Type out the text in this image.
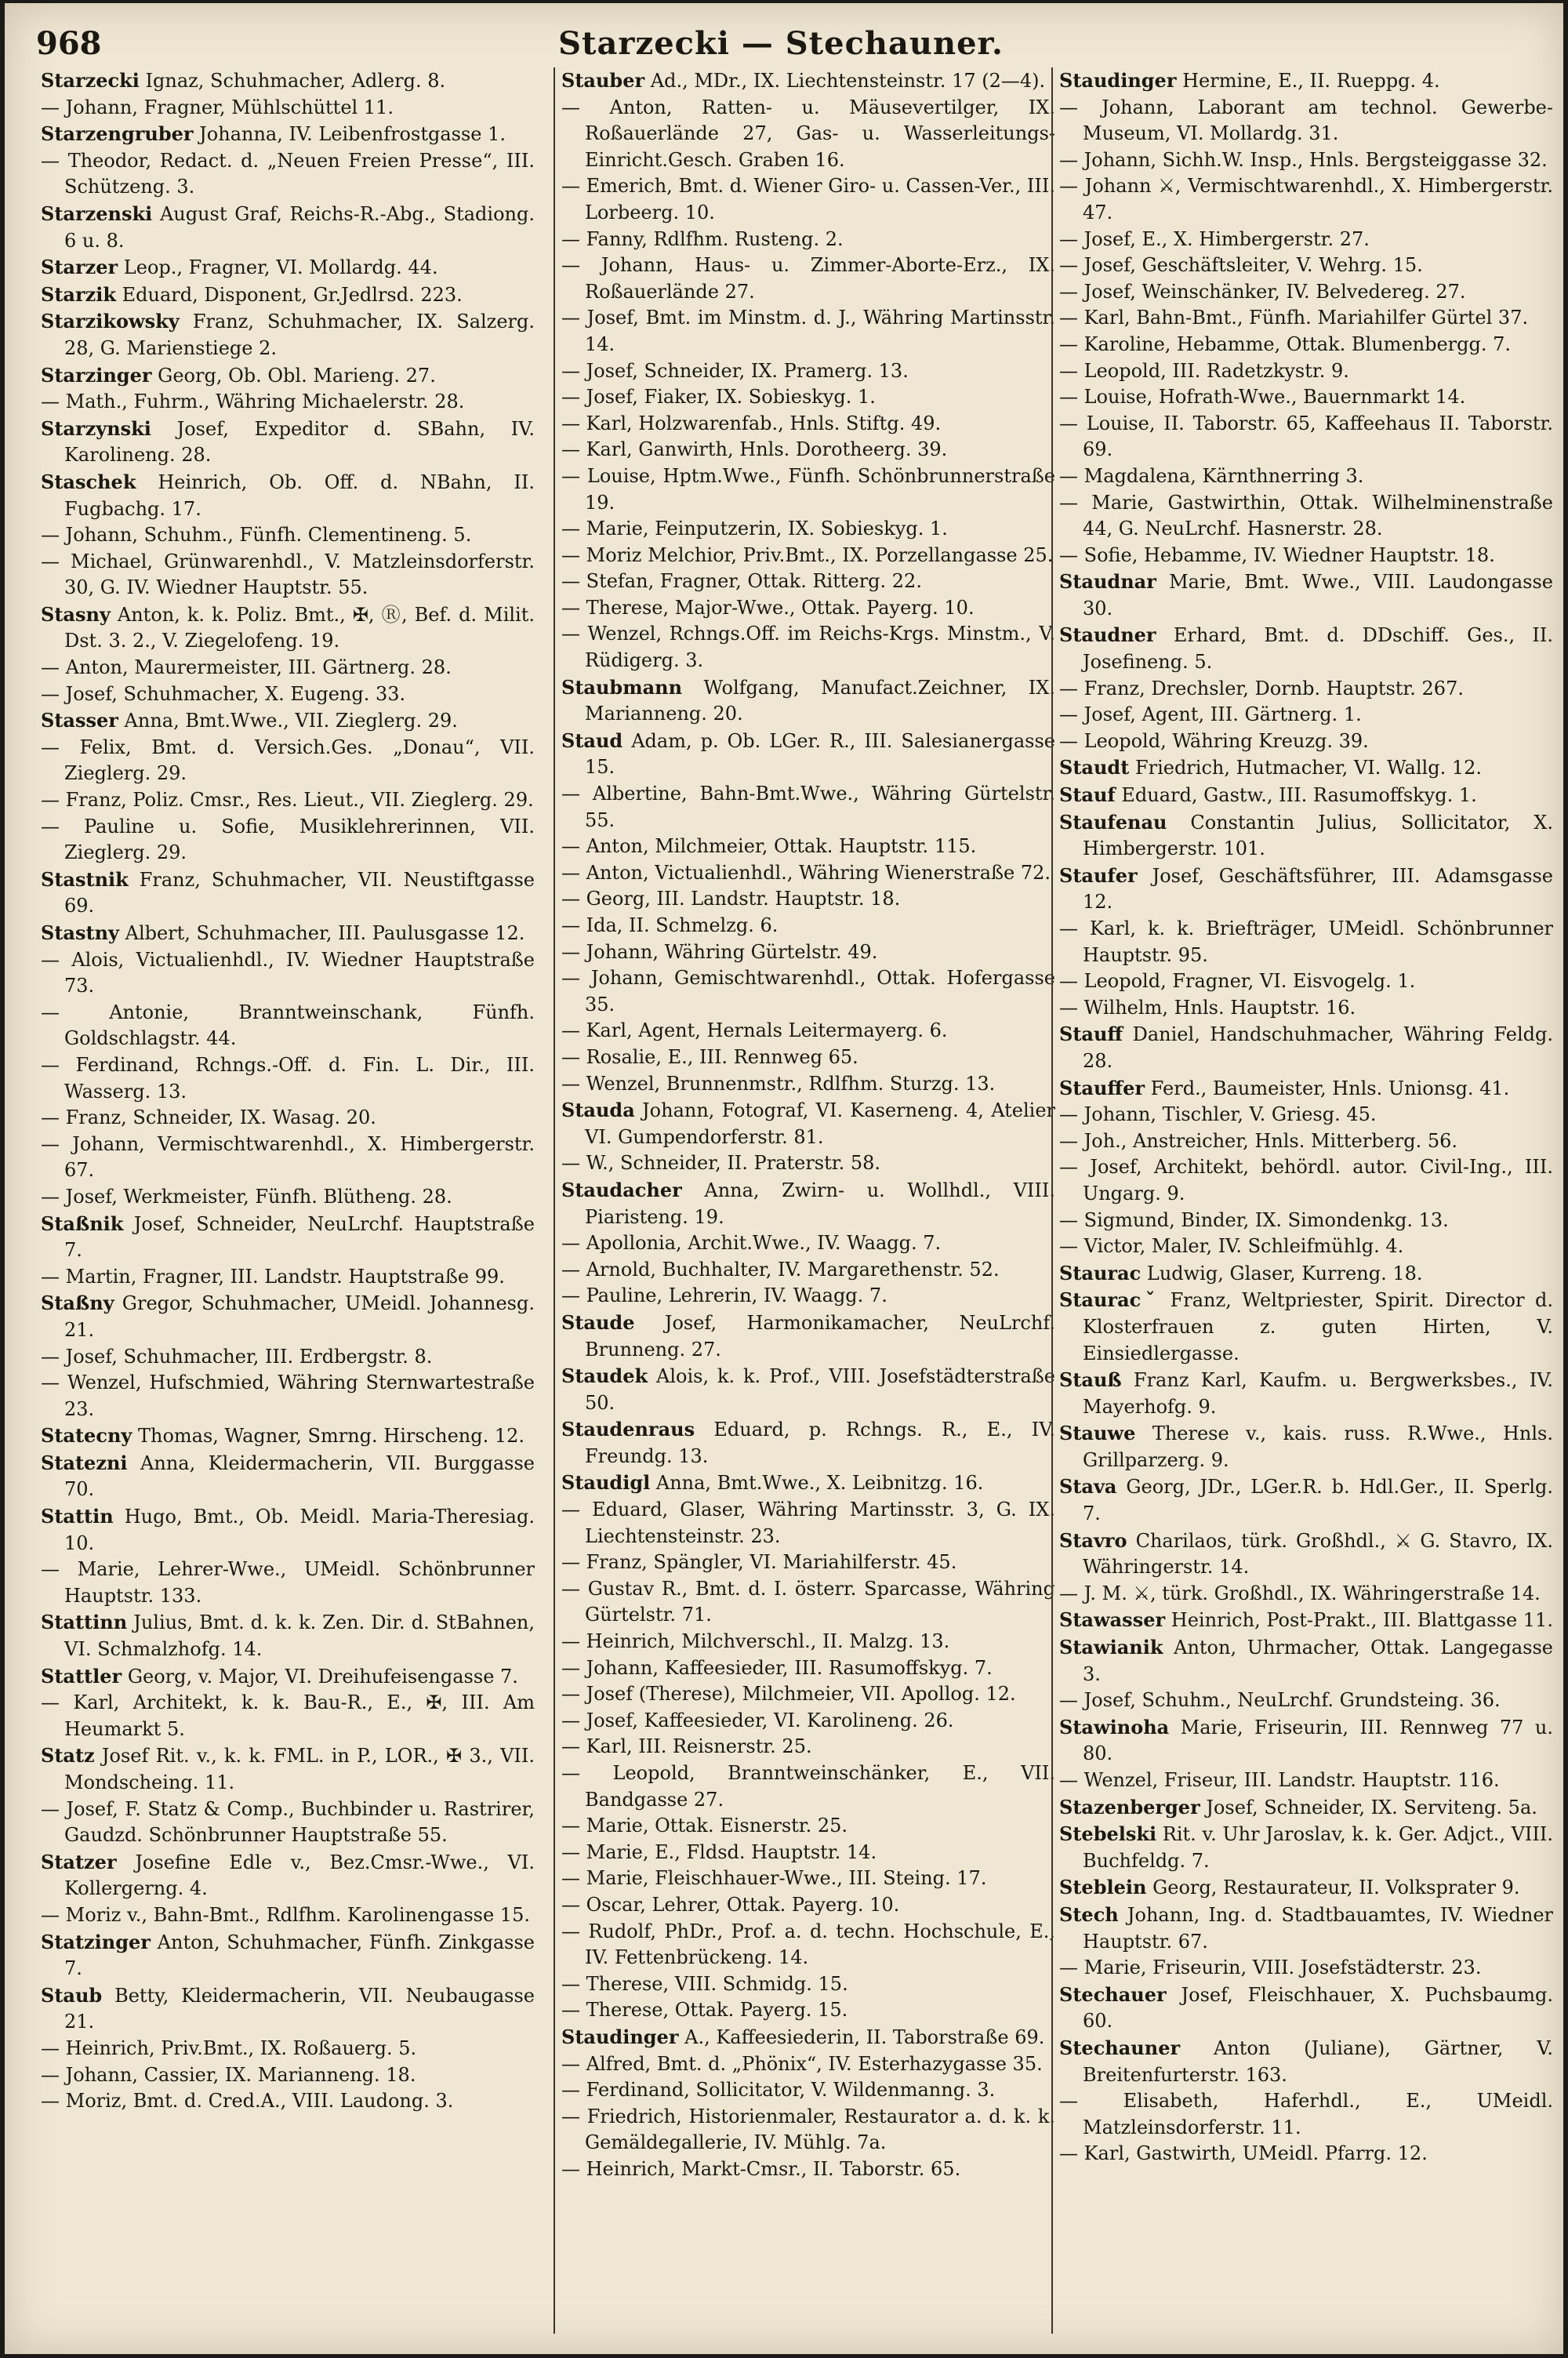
968	Starzecki — Stechauner.
Starzecki Ignaz, Schuhmacher, Adlerg. 8.
— Johann, Fragner, Mühlschüttel 11.
Starzengruber Johanna, IV. Leibenfrostgasse 1.
— Theodor, Redact. d. „Neuen Freien Presse“, III. Schützeng. 3.
Starzenski August Graf, Reichs-R.-Abg., Stadiong. 6 u. 8.
Starzer Leop., Fragner, VI. Mollardg. 44.
Starzik Eduard, Disponent, Gr.Jedlrsd. 223.
Starzikowsky Franz, Schuhmacher, IX. Salzerg. 28, G. Marienstiege 2.
Starzinger Georg, Ob. Obl. Marieng. 27.
— Math., Fuhrm., Währing Michaelerstr. 28.
Starzynski Josef, Expeditor d. SBahn, IV. Karolineng. 28.
Staschek Heinrich, Ob. Off. d. NBahn, II. Fugbachg. 17.
— Johann, Schuhm., Fünfh. Clementineng. 5.
— Michael, Grünwarenhdl., V. Matzleinsdorferstr. 30, G. IV. Wiedner Hauptstr. 55.
Stasny Anton, k. k. Poliz. Bmt., ✠, Ⓡ, Bef. d. Milit. Dst. 3. 2., V. Ziegelofeng. 19.
— Anton, Maurermeister, III. Gärtnerg. 28.
— Josef, Schuhmacher, X. Eugeng. 33.
Stasser Anna, Bmt.Wwe., VII. Zieglerg. 29.
— Felix, Bmt. d. Versich.Ges. „Donau“, VII. Zieglerg. 29.
— Franz, Poliz. Cmsr., Res. Lieut., VII. Zieglerg. 29.
— Pauline u. Sofie, Musiklehrerinnen, VII. Zieglerg. 29.
Stastnik Franz, Schuhmacher, VII. Neustiftgasse 69.
Stastny Albert, Schuhmacher, III. Paulusgasse 12.
— Alois, Victualienhdl., IV. Wiedner Hauptstraße 73.
— Antonie, Branntweinschank, Fünfh. Goldschlagstr. 44.
— Ferdinand, Rchngs.-Off. d. Fin. L. Dir., III. Wasserg. 13.
— Franz, Schneider, IX. Wasag. 20.
— Johann, Vermischtwarenhdl., X. Himbergerstr. 67.
— Josef, Werkmeister, Fünfh. Blütheng. 28.
Staßnik Josef, Schneider, NeuLrchf. Hauptstraße 7.
— Martin, Fragner, III. Landstr. Hauptstraße 99.
Staßny Gregor, Schuhmacher, UMeidl. Johannesg. 21.
— Josef, Schuhmacher, III. Erdbergstr. 8.
— Wenzel, Hufschmied, Währing Sternwartestraße 23.
Statecny Thomas, Wagner, Smrng. Hirscheng. 12.
Statezni Anna, Kleidermacherin, VII. Burggasse 70.
Stattin Hugo, Bmt., Ob. Meidl. Maria-Theresiag. 10.
— Marie, Lehrer-Wwe., UMeidl. Schönbrunner Hauptstr. 133.
Stattinn Julius, Bmt. d. k. k. Zen. Dir. d. StBahnen, VI. Schmalzhofg. 14.
Stattler Georg, v. Major, VI. Dreihufeisengasse 7.
— Karl, Architekt, k. k. Bau-R., E., ✠, III. Am Heumarkt 5.
Statz Josef Rit. v., k. k. FML. in P., LOR., ✠ 3., VII. Mondscheing. 11.
— Josef, F. Statz & Comp., Buchbinder u. Rastrirer, Gaudzd. Schönbrunner Hauptstraße 55.
Statzer Josefine Edle v., Bez.Cmsr.-Wwe., VI. Kollergerng. 4.
— Moriz v., Bahn-Bmt., Rdlfhm. Karolinengasse 15.
Statzinger Anton, Schuhmacher, Fünfh. Zinkgasse 7.
Staub Betty, Kleidermacherin, VII. Neubaugasse 21.
— Heinrich, Priv.Bmt., IX. Roßauerg. 5.
— Johann, Cassier, IX. Marianneng. 18.
— Moriz, Bmt. d. Cred.A., VIII. Laudong. 3.
Stauber Ad., MDr., IX. Liechtensteinstr. 17 (2—4).
— Anton, Ratten- u. Mäusevertilger, IX. Roßauerlände 27, Gas- u. Wasserleitungs-Einricht.Gesch. Graben 16.
— Emerich, Bmt. d. Wiener Giro- u. Cassen-Ver., III. Lorbeerg. 10.
— Fanny, Rdlfhm. Rusteng. 2.
— Johann, Haus- u. Zimmer-Aborte-Erz., IX. Roßauerlände 27.
— Josef, Bmt. im Minstm. d. J., Währing Martinsstr. 14.
— Josef, Schneider, IX. Pramerg. 13.
— Josef, Fiaker, IX. Sobieskyg. 1.
— Karl, Holzwarenfab., Hnls. Stiftg. 49.
— Karl, Ganwirth, Hnls. Dorotheerg. 39.
— Louise, Hptm.Wwe., Fünfh. Schönbrunnerstraße 19.
— Marie, Feinputzerin, IX. Sobieskyg. 1.
— Moriz Melchior, Priv.Bmt., IX. Porzellangasse 25.
— Stefan, Fragner, Ottak. Ritterg. 22.
— Therese, Major-Wwe., Ottak. Payerg. 10.
— Wenzel, Rchngs.Off. im Reichs-Krgs. Minstm., V. Rüdigerg. 3.
Staubmann Wolfgang, Manufact.Zeichner, IX. Marianneng. 20.
Staud Adam, p. Ob. LGer. R., III. Salesianergasse 15.
— Albertine, Bahn-Bmt.Wwe., Währing Gürtelstr. 55.
— Anton, Milchmeier, Ottak. Hauptstr. 115.
— Anton, Victualienhdl., Währing Wienerstraße 72.
— Georg, III. Landstr. Hauptstr. 18.
— Ida, II. Schmelzg. 6.
— Johann, Währing Gürtelstr. 49.
— Johann, Gemischtwarenhdl., Ottak. Hofergasse 35.
— Karl, Agent, Hernals Leitermayerg. 6.
— Rosalie, E., III. Rennweg 65.
— Wenzel, Brunnenmstr., Rdlfhm. Sturzg. 13.
Stauda Johann, Fotograf, VI. Kaserneng. 4, Atelier VI. Gumpendorferstr. 81.
— W., Schneider, II. Praterstr. 58.
Staudacher Anna, Zwirn- u. Wollhdl., VIII. Piaristeng. 19.
— Apollonia, Archit.Wwe., IV. Waagg. 7.
— Arnold, Buchhalter, IV. Margarethenstr. 52.
— Pauline, Lehrerin, IV. Waagg. 7.
Staude Josef, Harmonikamacher, NeuLrchf. Brunneng. 27.
Staudek Alois, k. k. Prof., VIII. Josefstädterstraße 50.
Staudenraus Eduard, p. Rchngs. R., E., IV. Freundg. 13.
Staudigl Anna, Bmt.Wwe., X. Leibnitzg. 16.
— Eduard, Glaser, Währing Martinsstr. 3, G. IX. Liechtensteinstr. 23.
— Franz, Spängler, VI. Mariahilferstr. 45.
— Gustav R., Bmt. d. I. österr. Sparcasse, Währing Gürtelstr. 71.
— Heinrich, Milchverschl., II. Malzg. 13.
— Johann, Kaffeesieder, III. Rasumoffskyg. 7.
— Josef (Therese), Milchmeier, VII. Apollog. 12.
— Josef, Kaffeesieder, VI. Karolineng. 26.
— Karl, III. Reisnerstr. 25.
— Leopold, Branntweinschänker, E., VII. Bandgasse 27.
— Marie, Ottak. Eisnerstr. 25.
— Marie, E., Fldsd. Hauptstr. 14.
— Marie, Fleischhauer-Wwe., III. Steing. 17.
— Oscar, Lehrer, Ottak. Payerg. 10.
— Rudolf, PhDr., Prof. a. d. techn. Hochschule, E., IV. Fettenbrückeng. 14.
— Therese, VIII. Schmidg. 15.
— Therese, Ottak. Payerg. 15.
Staudinger A., Kaffeesiederin, II. Taborstraße 69.
— Alfred, Bmt. d. „Phönix“, IV. Esterhazygasse 35.
— Ferdinand, Sollicitator, V. Wildenmanng. 3.
— Friedrich, Historienmaler, Restaurator a. d. k. k. Gemäldegallerie, IV. Mühlg. 7a.
— Heinrich, Markt-Cmsr., II. Taborstr. 65.
Staudinger Hermine, E., II. Rueppg. 4.
— Johann, Laborant am technol. Gewerbe-Museum, VI. Mollardg. 31.
— Johann, Sichh.W. Insp., Hnls. Bergsteiggasse 32.
— Johann ⚔, Vermischtwarenhdl., X. Himbergerstr. 47.
— Josef, E., X. Himbergerstr. 27.
— Josef, Geschäftsleiter, V. Wehrg. 15.
— Josef, Weinschänker, IV. Belvedereg. 27.
— Karl, Bahn-Bmt., Fünfh. Mariahilfer Gürtel 37.
— Karoline, Hebamme, Ottak. Blumenbergg. 7.
— Leopold, III. Radetzkystr. 9.
— Louise, Hofrath-Wwe., Bauernmarkt 14.
— Louise, II. Taborstr. 65, Kaffeehaus II. Taborstr. 69.
— Magdalena, Kärnthnerring 3.
— Marie, Gastwirthin, Ottak. Wilhelminenstraße 44, G. NeuLrchf. Hasnerstr. 28.
— Sofie, Hebamme, IV. Wiedner Hauptstr. 18.
Staudnar Marie, Bmt. Wwe., VIII. Laudongasse 30.
Staudner Erhard, Bmt. d. DDschiff. Ges., II. Josefineng. 5.
— Franz, Drechsler, Dornb. Hauptstr. 267.
— Josef, Agent, III. Gärtnerg. 1.
— Leopold, Währing Kreuzg. 39.
Staudt Friedrich, Hutmacher, VI. Wallg. 12.
Stauf Eduard, Gastw., III. Rasumoffskyg. 1.
Staufenau Constantin Julius, Sollicitator, X. Himbergerstr. 101.
Staufer Josef, Geschäftsführer, III. Adamsgasse 12.
— Karl, k. k. Briefträger, UMeidl. Schönbrunner Hauptstr. 95.
— Leopold, Fragner, VI. Eisvogelg. 1.
— Wilhelm, Hnls. Hauptstr. 16.
Stauff Daniel, Handschuhmacher, Währing Feldg. 28.
Stauffer Ferd., Baumeister, Hnls. Unionsg. 41.
— Johann, Tischler, V. Griesg. 45.
— Joh., Anstreicher, Hnls. Mitterberg. 56.
— Josef, Architekt, behördl. autor. Civil-Ing., III. Ungarg. 9.
— Sigmund, Binder, IX. Simondenkg. 13.
— Victor, Maler, IV. Schleifmühlg. 4.
Staurac Ludwig, Glaser, Kurreng. 18.
Stauracˇ Franz, Weltpriester, Spirit. Director d. Klosterfrauen z. guten Hirten, V. Einsiedlergasse.
Stauß Franz Karl, Kaufm. u. Bergwerksbes., IV. Mayerhofg. 9.
Stauwe Therese v., kais. russ. R.Wwe., Hnls. Grillparzerg. 9.
Stava Georg, JDr., LGer.R. b. Hdl.Ger., II. Sperlg. 7.
Stavro Charilaos, türk. Großhdl., ⚔ G. Stavro, IX. Währingerstr. 14.
— J. M. ⚔, türk. Großhdl., IX. Währingerstraße 14.
Stawasser Heinrich, Post-Prakt., III. Blattgasse 11.
Stawianik Anton, Uhrmacher, Ottak. Langegasse 3.
— Josef, Schuhm., NeuLrchf. Grundsteing. 36.
Stawinoha Marie, Friseurin, III. Rennweg 77 u. 80.
— Wenzel, Friseur, III. Landstr. Hauptstr. 116.
Stazenberger Josef, Schneider, IX. Serviteng. 5a.
Stebelski Rit. v. Uhr Jaroslav, k. k. Ger. Adjct., VIII. Buchfeldg. 7.
Steblein Georg, Restaurateur, II. Volksprater 9.
Stech Johann, Ing. d. Stadtbauamtes, IV. Wiedner Hauptstr. 67.
— Marie, Friseurin, VIII. Josefstädterstr. 23.
Stechauer Josef, Fleischhauer, X. Puchsbaumg. 60.
Stechauner Anton (Juliane), Gärtner, V. Breitenfurterstr. 163.
— Elisabeth, Haferhdl., E., UMeidl. Matzleinsdorferstr. 11.
— Karl, Gastwirth, UMeidl. Pfarrg. 12.
